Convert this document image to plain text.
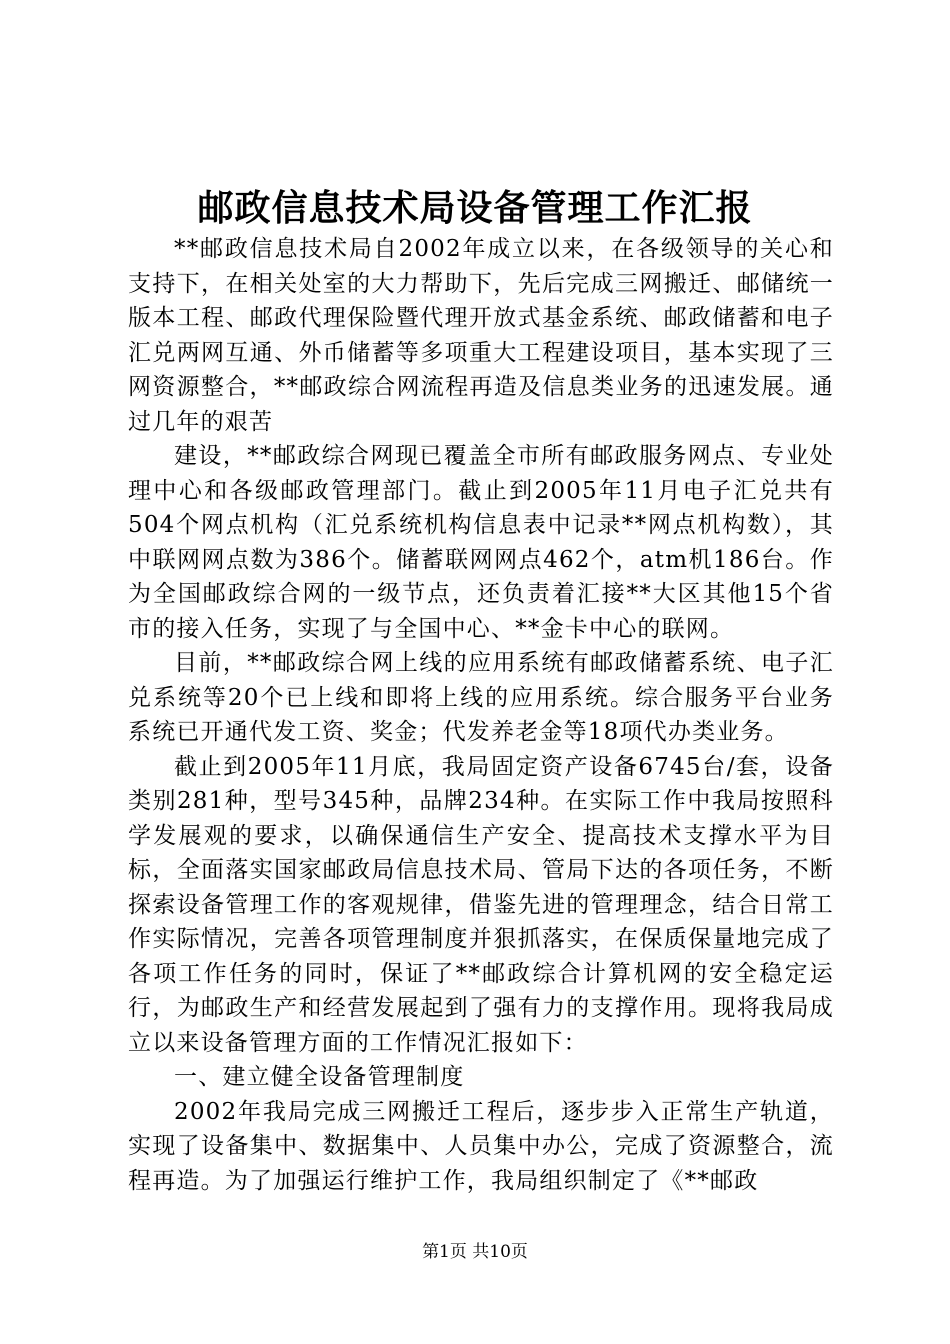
邮政信息技术局设备管理工作汇报

**邮政信息技术局自2002年成立以来，在各级领导的关心和支持下，在相关处室的大力帮助下，先后完成三网搬迁、邮储统一版本工程、邮政代理保险暨代理开放式基金系统、邮政储蓄和电子汇兑两网互通、外币储蓄等多项重大工程建设项目，基本实现了三网资源整合，**邮政综合网流程再造及信息类业务的迅速发展。通过几年的艰苦

建设，**邮政综合网现已覆盖全市所有邮政服务网点、专业处理中心和各级邮政管理部门。截止到2005年11月电子汇兑共有504个网点机构（汇兑系统机构信息表中记录**网点机构数），其中联网网点数为386个。储蓄联网网点462个，atm机186台。作为全国邮政综合网的一级节点，还负责着汇接**大区其他15个省市的接入任务，实现了与全国中心、**金卡中心的联网。

目前，**邮政综合网上线的应用系统有邮政储蓄系统、电子汇兑系统等20个已上线和即将上线的应用系统。综合服务平台业务系统已开通代发工资、奖金；代发养老金等18项代办类业务。

截止到2005年11月底，我局固定资产设备6745台/套，设备类别281种，型号345种，品牌234种。在实际工作中我局按照科学发展观的要求，以确保通信生产安全、提高技术支撑水平为目标，全面落实国家邮政局信息技术局、管局下达的各项任务，不断探索设备管理工作的客观规律，借鉴先进的管理理念，结合日常工作实际情况，完善各项管理制度并狠抓落实，在保质保量地完成了各项工作任务的同时，保证了**邮政综合计算机网的安全稳定运行，为邮政生产和经营发展起到了强有力的支撑作用。现将我局成立以来设备管理方面的工作情况汇报如下：

一、建立健全设备管理制度

2002年我局完成三网搬迁工程后，逐步步入正常生产轨道，实现了设备集中、数据集中、人员集中办公，完成了资源整合，流程再造。为了加强运行维护工作，我局组织制定了《**邮政

第1页 共10页
